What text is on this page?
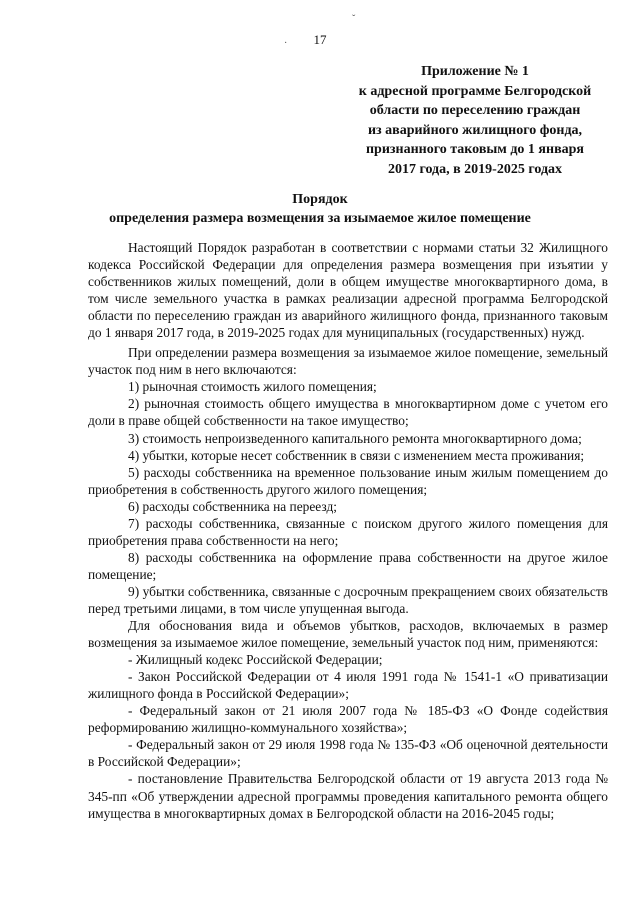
ˇ
·	17
Приложение № 1
к адресной программе Белгородской
области по переселению граждан
из аварийного жилищного фонда,
признанного таковым до 1 января
2017 года, в 2019-2025 годах
Порядок
определения размера возмещения за изымаемое жилое помещение

Настоящий Порядок разработан в соответствии с нормами статьи 32 Жилищного кодекса Российской Федерации для определения размера возмещения при изъятии у собственников жилых помещений, доли в общем имуществе многоквартирного дома, в том числе земельного участка в рамках реализации адресной программа Белгородской области по переселению граждан из аварийного жилищного фонда, признанного таковым до 1 января 2017 года, в 2019-2025 годах для муниципальных (государственных) нужд.

При определении размера возмещения за изымаемое жилое помещение, земельный участок под ним в него включаются:

1) рыночная стоимость жилого помещения;

2) рыночная стоимость общего имущества в многоквартирном доме с учетом его доли в праве общей собственности на такое имущество;

3) стоимость непроизведенного капитального ремонта многоквартирного дома;

4) убытки, которые несет собственник в связи с изменением места проживания;

5) расходы собственника на временное пользование иным жилым помещением до приобретения в собственность другого жилого помещения;

6) расходы собственника на переезд;

7) расходы собственника, связанные с поиском другого жилого помещения для приобретения права собственности на него;

8) расходы собственника на оформление права собственности на другое жилое помещение;

9) убытки собственника, связанные с досрочным прекращением своих обязательств перед третьими лицами, в том числе упущенная выгода.

Для обоснования вида и объемов убытков, расходов, включаемых в размер возмещения за изымаемое жилое помещение, земельный участок под ним, применяются:

- Жилищный кодекс Российской Федерации;

- Закон Российской Федерации от 4 июля 1991 года № 1541-1 «О приватизации жилищного фонда в Российской Федерации»;

- Федеральный закон от 21 июля 2007 года № 185-ФЗ «О Фонде содействия реформированию жилищно-коммунального хозяйства»;

- Федеральный закон от 29 июля 1998 года № 135-ФЗ «Об оценочной деятельности в Российской Федерации»;

- постановление Правительства Белгородской области от 19 августа 2013 года № 345-пп «Об утверждении адресной программы проведения капитального ремонта общего имущества в многоквартирных домах в Белгородской области на 2016-2045 годы;
